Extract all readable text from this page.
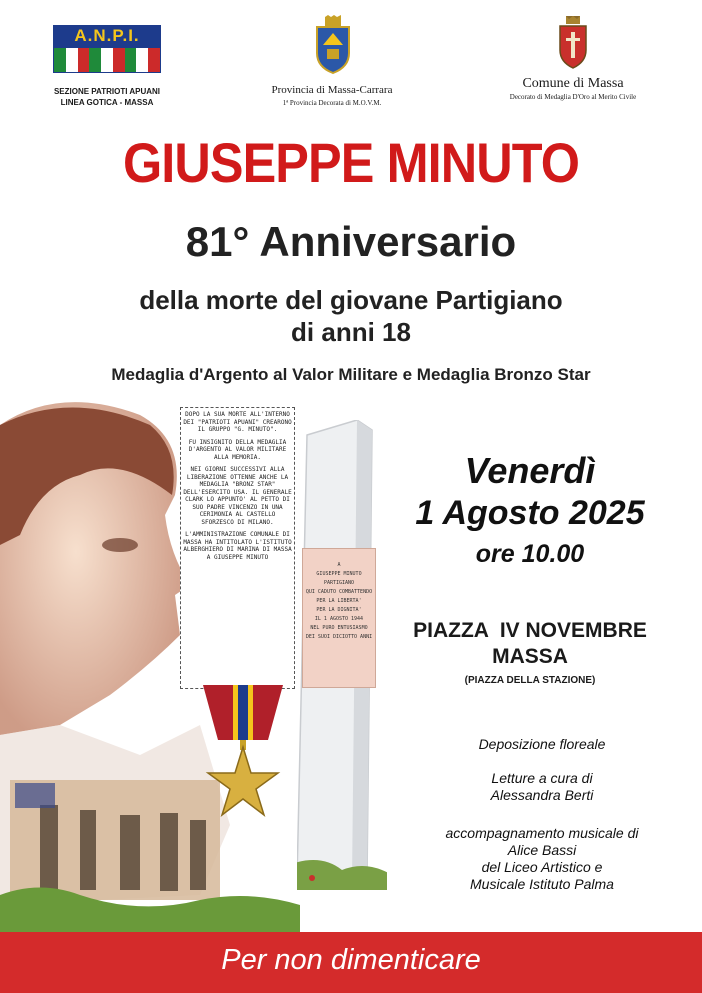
A.N.P.I.
SEZIONE PATRIOTI APUANI
LINEA GOTICA - MASSA
Provincia di Massa-Carrara
1ª Provincia Decorata di M.O.V.M.
Comune di Massa
Decorato di Medaglia D'Oro al Merito Civile
GIUSEPPE MINUTO
81° Anniversario
della morte del giovane Partigiano
di anni 18
Medaglia d'Argento al Valor Militare e Medaglia Bronzo Star

DOPO LA SUA MORTE ALL'INTERNO DEI "PATRIOTI APUANI" CREARONO IL GRUPPO "G. MINUTO".

FU INSIGNITO DELLA MEDAGLIA D'ARGENTO AL VALOR MILITARE ALLA MEMORIA.

NEI GIORNI SUCCESSIVI ALLA LIBERAZIONE OTTENNE ANCHE LA MEDAGLIA "BRONZ STAR" DELL'ESERCITO USA. IL GENERALE CLARK LO APPUNTO' AL PETTO DI SUO PADRE VINCENZO IN UNA CERIMONIA AL CASTELLO SFORZESCO DI MILANO.

L'AMMINISTRAZIONE COMUNALE DI MASSA HA INTITOLATO L'ISTITUTO ALBERGHIERO DI MARINA DI MASSA A GIUSEPPE MINUTO

A
GIUSEPPE MINUTO
PARTIGIANO
QUI CADUTO COMBATTENDO
PER LA LIBERTA'
PER LA DIGNITA'
IL 1 AGOSTO 1944
NEL PURO ENTUSIASMO
DEI SUOI DICIOTTO ANNI
Venerdì
1 Agosto 2025
ore 10.00
PIAZZA  IV NOVEMBRE
MASSA
(PIAZZA DELLA STAZIONE)
Deposizione floreale
Letture a cura di
Alessandra Berti
accompagnamento musicale di
Alice Bassi
del Liceo Artistico e
Musicale Istituto Palma
Per non dimenticare
